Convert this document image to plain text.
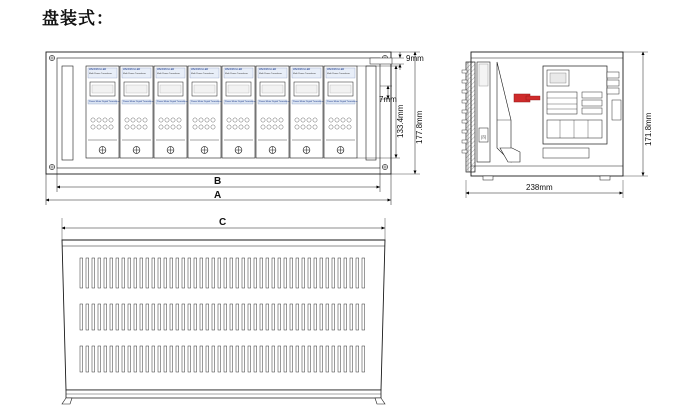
盘装式：
四
WEIDMULLER
Multi Power Transducer
Power Meter Digital Transducer
WEIDMULLER
Multi Power Transducer
Power Meter Digital Transducer
WEIDMULLER
Multi Power Transducer
Power Meter Digital Transducer
WEIDMULLER
Multi Power Transducer
Power Meter Digital Transducer
WEIDMULLER
Multi Power Transducer
Power Meter Digital Transducer
WEIDMULLER
Multi Power Transducer
Power Meter Digital Transducer
WEIDMULLER
Multi Power Transducer
Power Meter Digital Transducer
WEIDMULLER
Multi Power Transducer
Power Meter Digital Transducer
B
A
C
133.4mm 177.8mm
9mm
7mm
171.8mm
238mm
